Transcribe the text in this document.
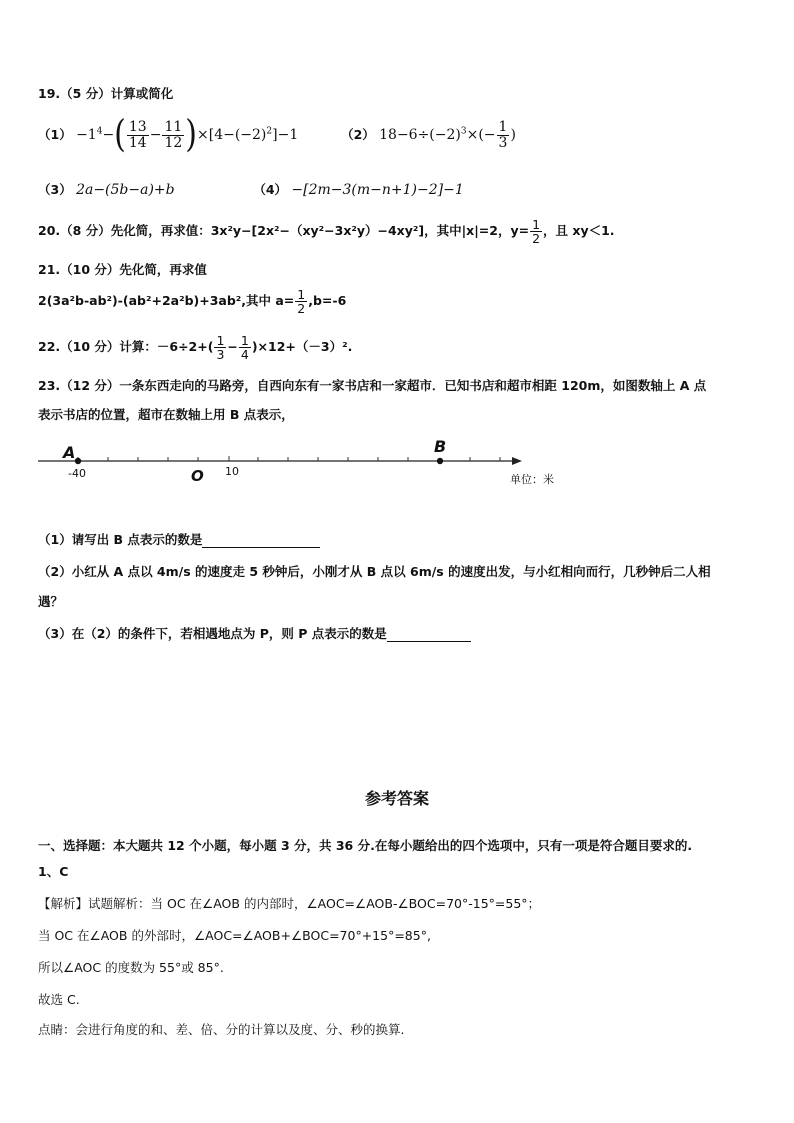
19.（5 分）计算或简化
$(1) -1^4-( \frac{13}{14} - \frac{11}{12} )\times[4-(-2)^2]-1$	（2） $18-6\div(-2)^3\times(- \frac{1}{3}$ )
（3） 2a−(5b−a)+b	（4） −[2m−3(m−n+1)−2]−1
20.（8 分）先化简，再求值：3x²y−[2x²−（xy²−3x²y）−4xy²]，其中|x|=2，$y= \frac{1}{2}$ ，且 xy＜1.
21.（10 分）先化简，再求值
2(3a²b-ab²)-(ab²+2a²b)+3ab²,其中 $a= \frac{1}{2} ,b=-6$
22.（10 分）计算：$-6\div 2+( \frac{1}{3} - \frac{1}{4} )\times 12+(-3)^2$.
23.（12 分）一条东西走向的马路旁，自西向东有一家书店和一家超市．已知书店和超市相距 120m，如图数轴上 A 点
表示书店的位置，超市在数轴上用 B 点表示，
A	B
O
-40	10
单位：米
（1）请写出 B 点表示的数是
（2）小红从 A 点以 4m/s 的速度走 5 秒钟后，小刚才从 B 点以 6m/s 的速度出发，与小红相向而行，几秒钟后二人相
遇？
（3）在（2）的条件下，若相遇地点为 P，则 P 点表示的数是
参考答案
一、选择题：本大题共 12 个小题，每小题 3 分，共 36 分.在每小题给出的四个选项中，只有一项是符合题目要求的.
1、C
【解析】试题解析：当 OC 在∠AOB 的内部时，∠AOC=∠AOB-∠BOC=70°-15°=55°；
当 OC 在∠AOB 的外部时，∠AOC=∠AOB+∠BOC=70°+15°=85°,
所以∠AOC 的度数为 55°或 85°.
故选 C.
点睛：会进行角度的和、差、倍、分的计算以及度、分、秒的换算.
